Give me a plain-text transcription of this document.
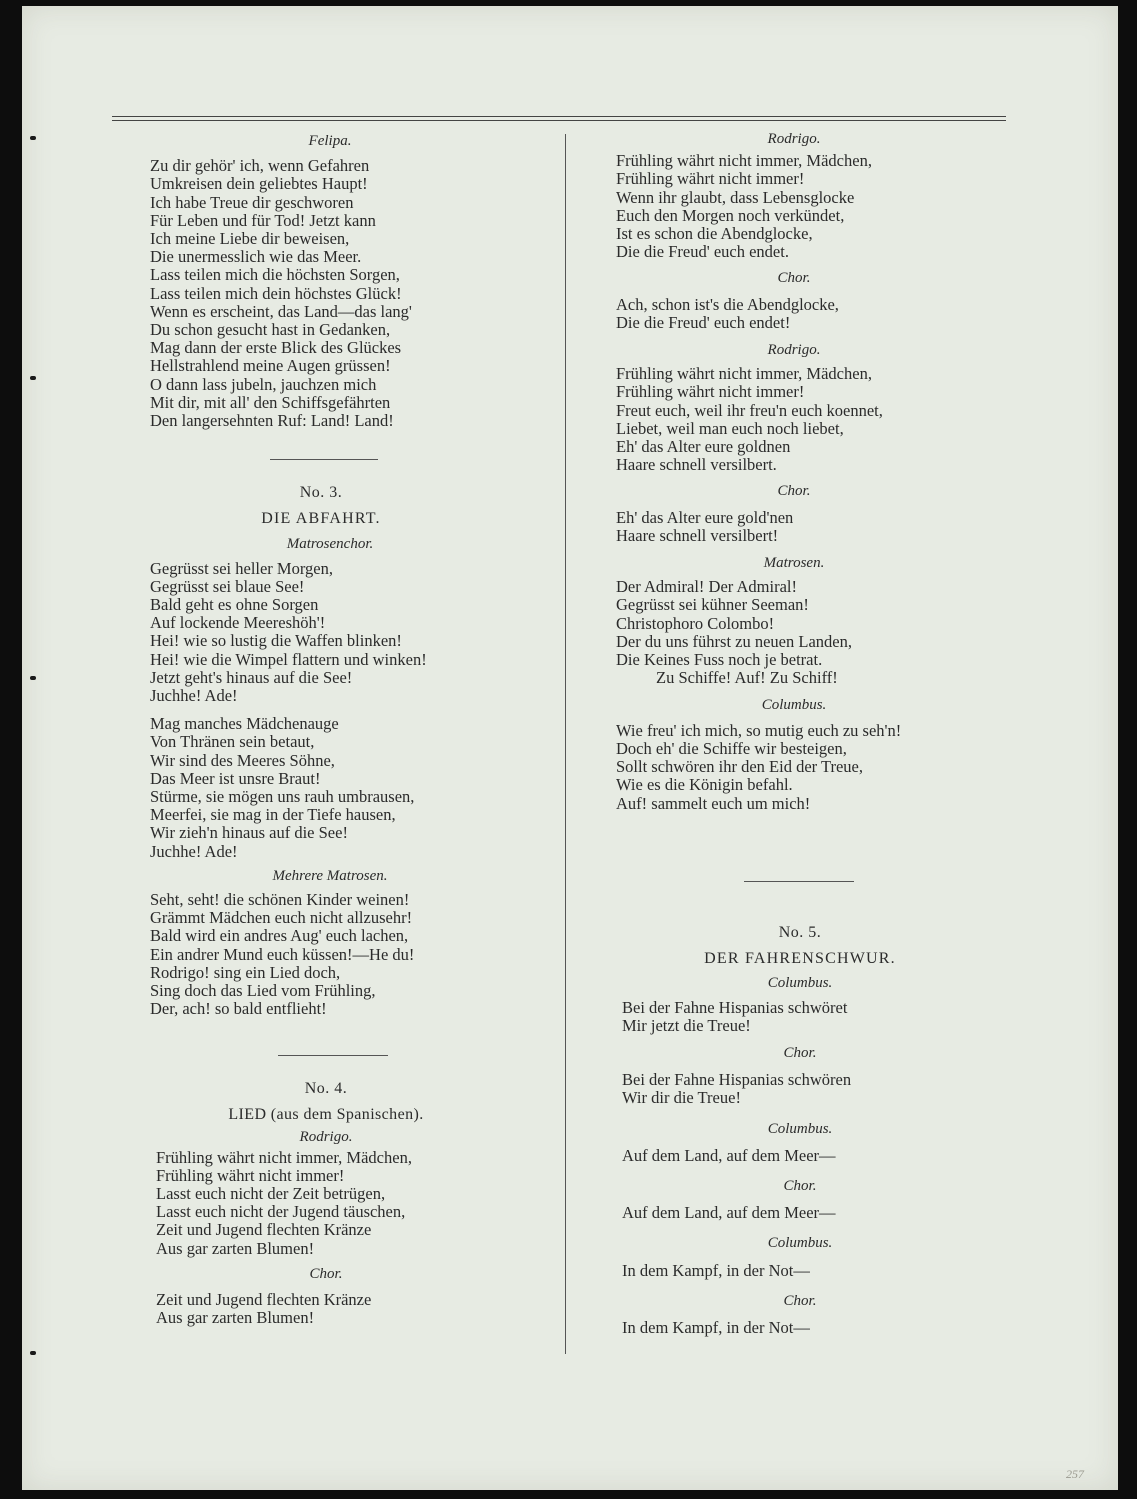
Felipa.

Zu dir gehör' ich, wenn Gefahren

Umkreisen dein geliebtes Haupt!

Ich habe Treue dir geschworen

Für Leben und für Tod! Jetzt kann

Ich meine Liebe dir beweisen,

Die unermesslich wie das Meer.

Lass teilen mich die höchsten Sorgen,

Lass teilen mich dein höchstes Glück!

Wenn es erscheint, das Land—das lang'

Du schon gesucht hast in Gedanken,

Mag dann der erste Blick des Glückes

Hellstrahlend meine Augen grüssen!

O dann lass jubeln, jauchzen mich

Mit dir, mit all' den Schiffsgefährten

Den langersehnten Ruf: Land! Land!

No. 3.

DIE ABFAHRT.

Matrosenchor.

Gegrüsst sei heller Morgen,

Gegrüsst sei blaue See!

Bald geht es ohne Sorgen

Auf lockende Meereshöh'!

Hei! wie so lustig die Waffen blinken!

Hei! wie die Wimpel flattern und winken!

Jetzt geht's hinaus auf die See!

Juchhe! Ade!

Mag manches Mädchenauge

Von Thränen sein betaut,

Wir sind des Meeres Söhne,

Das Meer ist unsre Braut!

Stürme, sie mögen uns rauh umbrausen,

Meerfei, sie mag in der Tiefe hausen,

Wir zieh'n hinaus auf die See!

Juchhe! Ade!

Mehrere Matrosen.

Seht, seht! die schönen Kinder weinen!

Grämmt Mädchen euch nicht allzusehr!

Bald wird ein andres Aug' euch lachen,

Ein andrer Mund euch küssen!—He du!

Rodrigo! sing ein Lied doch,

Sing doch das Lied vom Frühling,

Der, ach! so bald entflieht!

No. 4.

LIED (aus dem Spanischen).

Rodrigo.

Frühling währt nicht immer, Mädchen,

Frühling währt nicht immer!

Lasst euch nicht der Zeit betrügen,

Lasst euch nicht der Jugend täuschen,

Zeit und Jugend flechten Kränze

Aus gar zarten Blumen!

Chor.

Zeit und Jugend flechten Kränze

Aus gar zarten Blumen!

Rodrigo.

Frühling währt nicht immer, Mädchen,

Frühling währt nicht immer!

Wenn ihr glaubt, dass Lebensglocke

Euch den Morgen noch verkündet,

Ist es schon die Abendglocke,

Die die Freud' euch endet.

Chor.

Ach, schon ist's die Abendglocke,

Die die Freud' euch endet!

Rodrigo.

Frühling währt nicht immer, Mädchen,

Frühling währt nicht immer!

Freut euch, weil ihr freu'n euch koennet,

Liebet, weil man euch noch liebet,

Eh' das Alter eure goldnen

Haare schnell versilbert.

Chor.

Eh' das Alter eure gold'nen

Haare schnell versilbert!

Matrosen.

Der Admiral! Der Admiral!

Gegrüsst sei kühner Seeman!

Christophoro Colombo!

Der du uns führst zu neuen Landen,

Die Keines Fuss noch je betrat.

Zu Schiffe! Auf! Zu Schiff!

Columbus.

Wie freu' ich mich, so mutig euch zu seh'n!

Doch eh' die Schiffe wir besteigen,

Sollt schwören ihr den Eid der Treue,

Wie es die Königin befahl.

Auf! sammelt euch um mich!

No. 5.

DER FAHRENSCHWUR.

Columbus.

Bei der Fahne Hispanias schwöret

Mir jetzt die Treue!

Chor.

Bei der Fahne Hispanias schwören

Wir dir die Treue!

Columbus.

Auf dem Land, auf dem Meer—

Chor.

Auf dem Land, auf dem Meer—

Columbus.

In dem Kampf, in der Not—

Chor.

In dem Kampf, in der Not—

257
